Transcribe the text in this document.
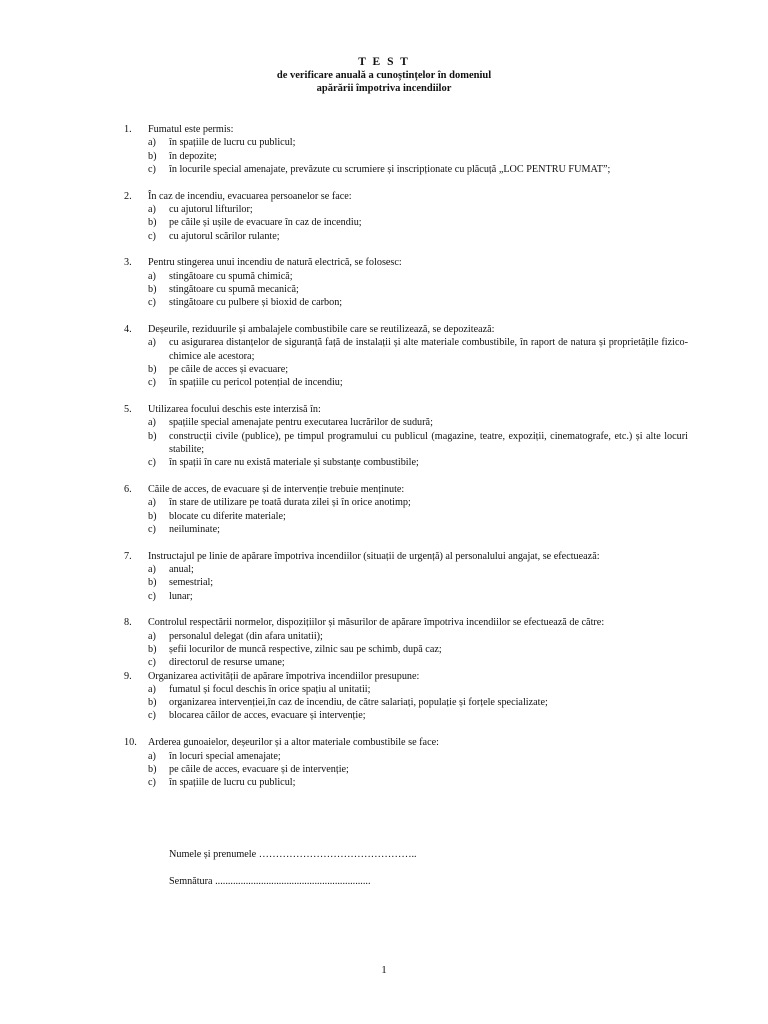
T E S T
de verificare anuală a cunoștințelor în domeniul
apărării împotriva incendiilor
1. Fumatul este permis:
a) în spațiile de lucru cu publicul;
b) în depozite;
c) în locurile special amenajate, prevăzute cu scrumiere și inscripționate cu plăcuță „LOC PENTRU FUMAT”;
2. În caz de incendiu, evacuarea persoanelor se face:
a) cu ajutorul lifturilor;
b) pe căile și ușile de evacuare în caz de incendiu;
c) cu ajutorul scărilor rulante;
3. Pentru stingerea unui incendiu de natură electrică, se folosesc:
a) stingătoare cu spumă chimică;
b) stingătoare cu spumă mecanică;
c) stingătoare cu pulbere și bioxid de carbon;
4. Deșeurile, reziduurile și ambalajele combustibile care se reutilizează, se depozitează:
a) cu asigurarea distanțelor de siguranță față de instalații și alte materiale combustibile, în raport de natura și proprietățile fizico-chimice ale acestora;
b) pe căile de acces și evacuare;
c) în spațiile cu pericol potențial de incendiu;
5. Utilizarea focului deschis este interzisă în:
a) spațiile special amenajate pentru executarea lucrărilor de sudură;
b) construcții civile (publice), pe timpul programului cu publicul (magazine, teatre, expoziții, cinematografe, etc.) și alte locuri stabilite;
c) în spații în care nu există materiale și substanțe combustibile;
6. Căile de acces, de evacuare și de intervenție trebuie menținute:
a) în stare de utilizare pe toată durata zilei și în orice anotimp;
b) blocate cu diferite materiale;
c) neiluminate;
7. Instructajul pe linie de apărare împotriva incendiilor (situații de urgență) al personalului angajat, se efectuează:
a) anual;
b) semestrial;
c) lunar;
8. Controlul respectării normelor, dispozițiilor și măsurilor de apărare împotriva incendiilor se efectuează de către:
a) personalul delegat (din afara unitatii);
b) șefii locurilor de muncă respective, zilnic sau pe schimb, după caz;
c) directorul de resurse umane;
9. Organizarea activității de apărare împotriva incendiilor presupune:
a) fumatul și focul deschis în orice spațiu al unitatii;
b) organizarea intervenției,în caz de incendiu, de către salariați, populație și forțele specializate;
c) blocarea căilor de acces, evacuare și intervenție;
10. Arderea gunoaielor, deșeurilor și a altor materiale combustibile se face:
a) în locuri special amenajate;
b) pe căile de acces, evacuare și de intervenție;
c) în spațiile de lucru cu publicul;
Numele și prenumele ………………………………………..
Semnătura .............................................................
1
